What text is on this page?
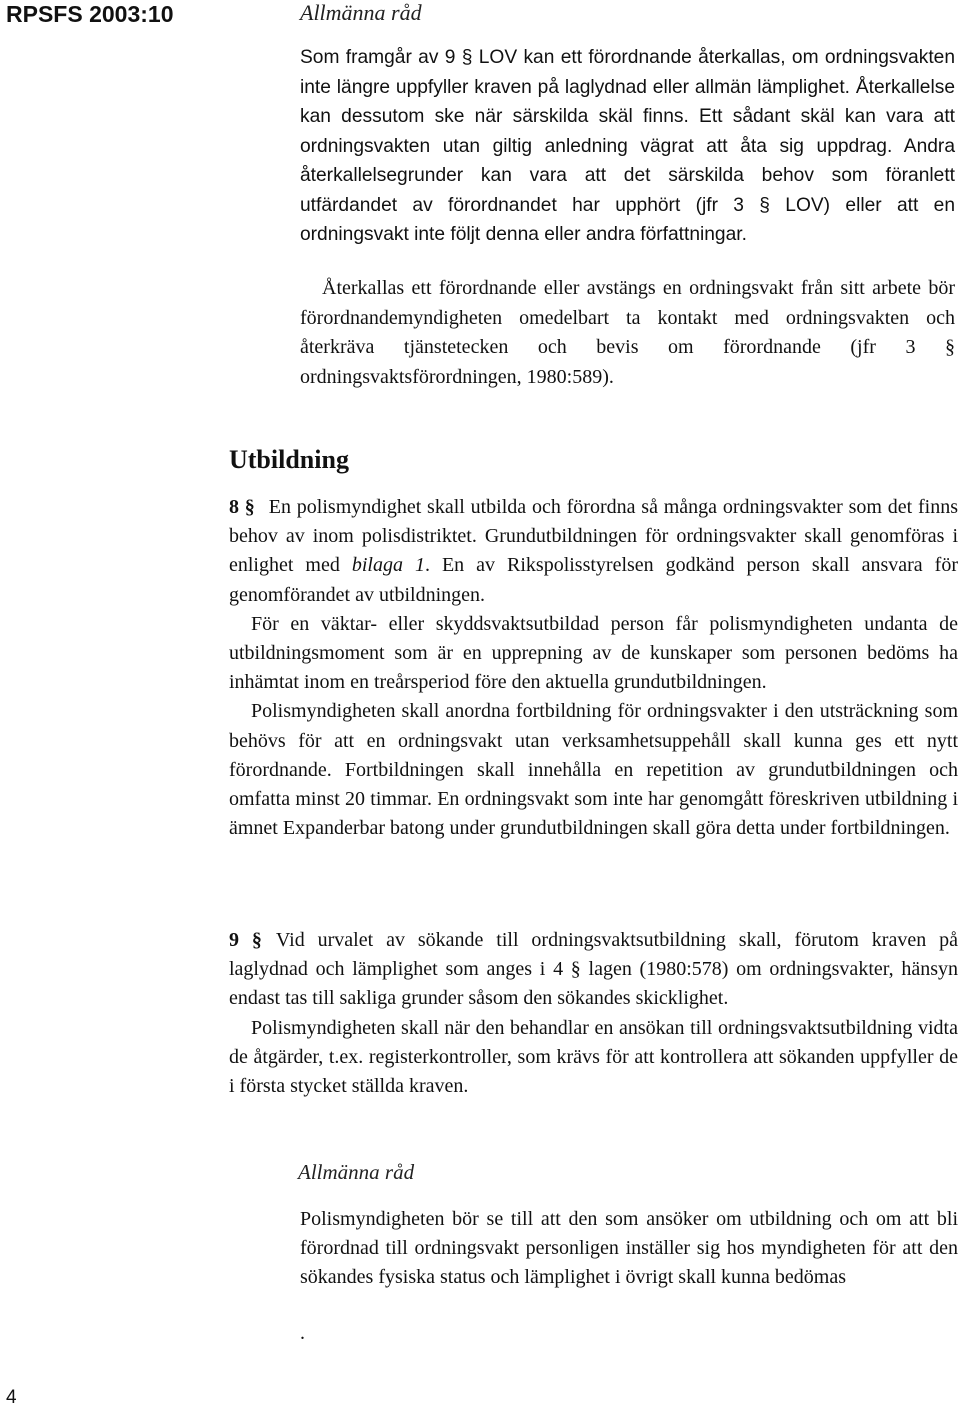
RPSFS 2003:10	Allmänna råd
Som framgår av 9 § LOV kan ett förordnande återkallas, om ordningsvakten inte längre uppfyller kraven på laglydnad eller allmän lämplighet. Återkallelse kan dessutom ske när särskilda skäl finns. Ett sådant skäl kan vara att ordningsvakten utan giltig anledning vägrat att åta sig uppdrag. Andra återkallelsegrunder kan vara att det särskilda behov som föranlett utfärdandet av förordnandet har upphört (jfr 3 § LOV) eller att en ordningsvakt inte följt denna eller andra författningar.
Återkallas ett förordnande eller avstängs en ordningsvakt från sitt arbete bör förordnandemyndigheten omedelbart ta kontakt med ordningsvakten och återkräva tjänstetecken och bevis om förordnande (jfr 3 § ordningsvaktsförordningen, 1980:589).
Utbildning
8 § En polismyndighet skall utbilda och förordna så många ordningsvakter som det finns behov av inom polisdistriktet. Grundutbildningen för ordningsvakter skall genomföras i enlighet med bilaga 1. En av Rikspolisstyrelsen godkänd person skall ansvara för genomförandet av utbildningen.
För en väktar- eller skyddsvaktsutbildad person får polismyndigheten undanta de utbildningsmoment som är en upprepning av de kunskaper som personen bedöms ha inhämtat inom en treårsperiod före den aktuella grundutbildningen.
Polismyndigheten skall anordna fortbildning för ordningsvakter i den utsträckning som behövs för att en ordningsvakt utan verksamhetsuppehåll skall kunna ges ett nytt förordnande. Fortbildningen skall innehålla en repetition av grundutbildningen och omfatta minst 20 timmar. En ordningsvakt som inte har genomgått föreskriven utbildning i ämnet Expanderbar batong under grundutbildningen skall göra detta under fortbildningen.
9 § Vid urvalet av sökande till ordningsvaktsutbildning skall, förutom kraven på laglydnad och lämplighet som anges i 4 § lagen (1980:578) om ordningsvakter, hänsyn endast tas till sakliga grunder såsom den sökandes skicklighet.
Polismyndigheten skall när den behandlar en ansökan till ordningsvaktsutbildning vidta de åtgärder, t.ex. registerkontroller, som krävs för att kontrollera att sökanden uppfyller de i första stycket ställda kraven.
Allmänna råd
Polismyndigheten bör se till att den som ansöker om utbildning och om att bli förordnad till ordningsvakt personligen inställer sig hos myndigheten för att den sökandes fysiska status och lämplighet i övrigt skall kunna bedömas
.
4
